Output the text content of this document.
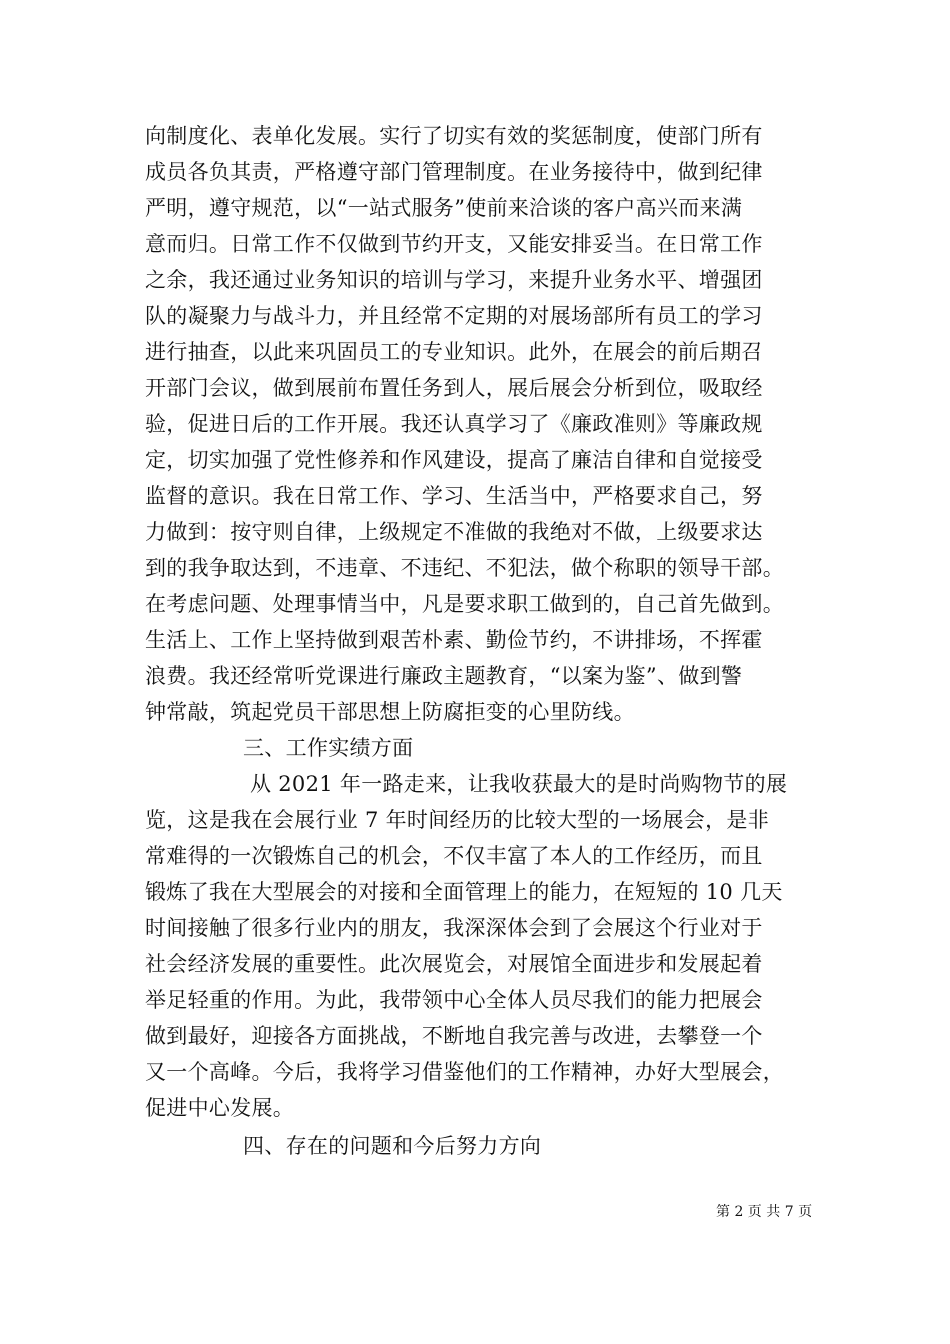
向制度化、表单化发展。实行了切实有效的奖惩制度，使部门所有
成员各负其责，严格遵守部门管理制度。在业务接待中，做到纪律
严明，遵守规范，以“一站式服务”使前来洽谈的客户高兴而来满
意而归。日常工作不仅做到节约开支，又能安排妥当。在日常工作
之余，我还通过业务知识的培训与学习，来提升业务水平、增强团
队的凝聚力与战斗力，并且经常不定期的对展场部所有员工的学习
进行抽查，以此来巩固员工的专业知识。此外，在展会的前后期召
开部门会议，做到展前布置任务到人，展后展会分析到位，吸取经
验，促进日后的工作开展。我还认真学习了《廉政准则》等廉政规
定，切实加强了党性修养和作风建设，提高了廉洁自律和自觉接受
监督的意识。我在日常工作、学习、生活当中，严格要求自己，努
力做到：按守则自律，上级规定不准做的我绝对不做，上级要求达
到的我争取达到，不违章、不违纪、不犯法，做个称职的领导干部。
在考虑问题、处理事情当中，凡是要求职工做到的，自己首先做到。
生活上、工作上坚持做到艰苦朴素、勤俭节约，不讲排场，不挥霍
浪费。我还经常听党课进行廉政主题教育，“以案为鉴”、做到警
钟常敲，筑起党员干部思想上防腐拒变的心里防线。
三、工作实绩方面
从 2021 年一路走来，让我收获最大的是时尚购物节的展
览，这是我在会展行业 7 年时间经历的比较大型的一场展会，是非
常难得的一次锻炼自己的机会，不仅丰富了本人的工作经历，而且
锻炼了我在大型展会的对接和全面管理上的能力，在短短的 10 几天
时间接触了很多行业内的朋友，我深深体会到了会展这个行业对于
社会经济发展的重要性。此次展览会，对展馆全面进步和发展起着
举足轻重的作用。为此，我带领中心全体人员尽我们的能力把展会
做到最好，迎接各方面挑战，不断地自我完善与改进，去攀登一个
又一个高峰。今后，我将学习借鉴他们的工作精神，办好大型展会，
促进中心发展。
四、存在的问题和今后努力方向
第 2 页 共 7 页
